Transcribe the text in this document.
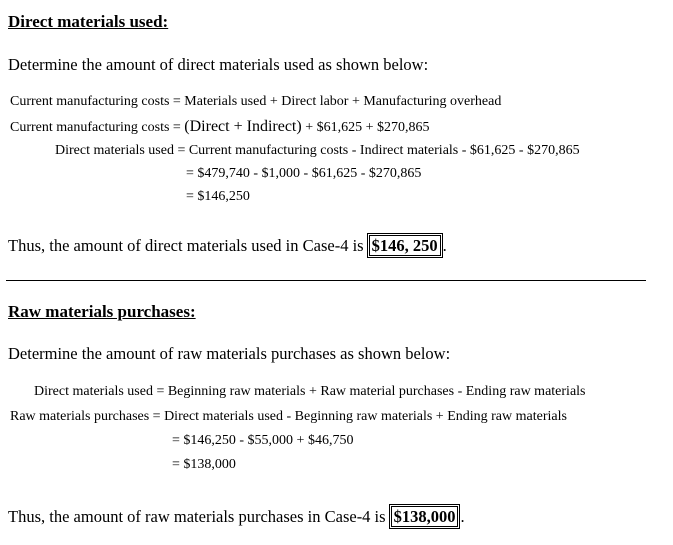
Direct materials used:
Determine the amount of direct materials used as shown below:
Current manufacturing costs = Materials used + Direct labor + Manufacturing overhead
Current manufacturing costs = (Direct + Indirect) + $61,625 + $270,865
Direct materials used = Current manufacturing costs - Indirect materials - $61,625 - $270,865
= $479,740 - $1,000 - $61,625 - $270,865
= $146,250
Thus, the amount of direct materials used in Case-4 is $146, 250 .
Raw materials purchases:
Determine the amount of raw materials purchases as shown below:
Direct materials used = Beginning raw materials + Raw material purchases - Ending raw materials
Raw materials purchases = Direct materials used - Beginning raw materials + Ending raw materials
= $146,250 - $55,000 + $46,750
= $138,000
Thus, the amount of raw materials purchases in Case-4 is $138,000 .
